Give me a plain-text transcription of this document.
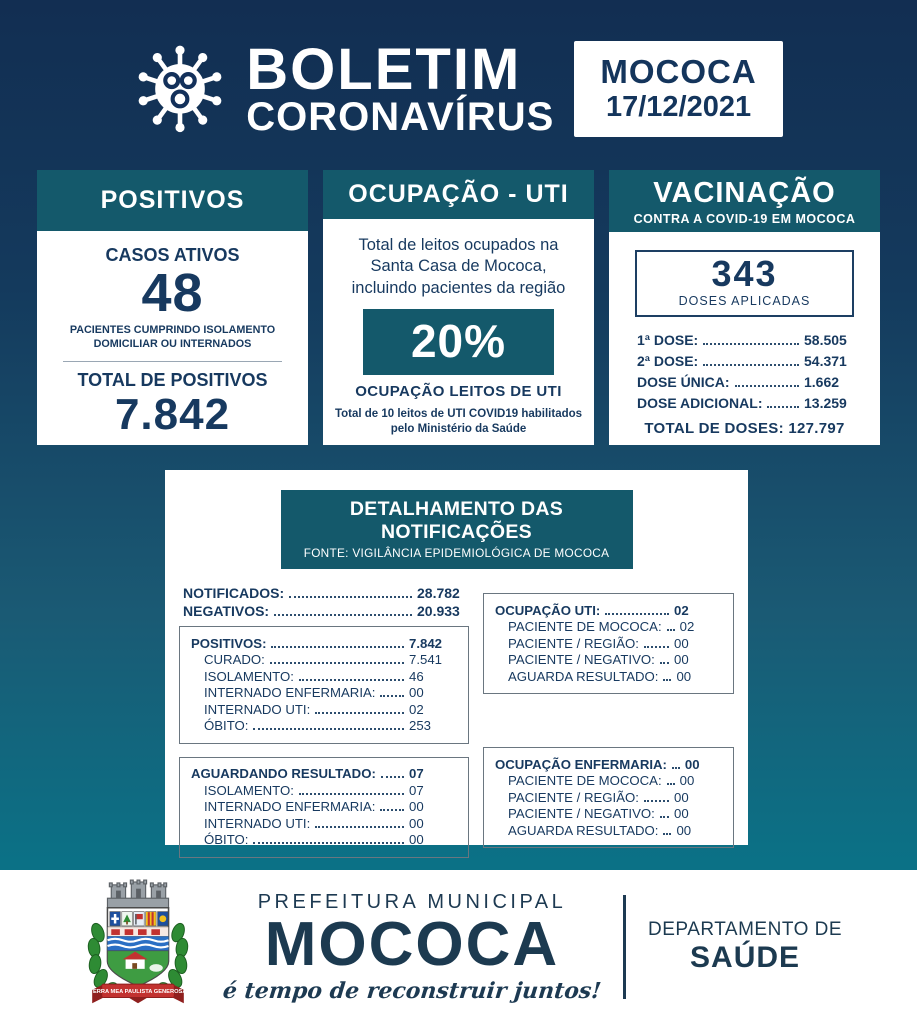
BOLETIM
CORONAVÍRUS
MOCOCA
17/12/2021
POSITIVOS
CASOS ATIVOS
48
PACIENTES CUMPRINDO ISOLAMENTO DOMICILIAR OU INTERNADOS
TOTAL DE POSITIVOS
7.842
OCUPAÇÃO - UTI
Total de leitos ocupados na Santa Casa de Mococa, incluindo pacientes da região
20%
OCUPAÇÃO LEITOS DE UTI
Total de 10 leitos de UTI COVID19 habilitados pelo Ministério da Saúde
VACINAÇÃO
CONTRA A COVID-19 EM MOCOCA
343
DOSES APLICADAS
1ª DOSE:	58.505
2ª DOSE:	54.371
DOSE ÚNICA:	1.662
DOSE ADICIONAL:	13.259
TOTAL DE DOSES: 127.797
DETALHAMENTO DAS NOTIFICAÇÕES
FONTE: VIGILÂNCIA EPIDEMIOLÓGICA DE MOCOCA
NOTIFICADOS:	28.782
NEGATIVOS:	20.933
POSITIVOS:	7.842
CURADO:	7.541
ISOLAMENTO:	46
INTERNADO ENFERMARIA:	00
INTERNADO UTI:	02
ÓBITO:	253
AGUARDANDO RESULTADO:	07
ISOLAMENTO:	07
INTERNADO ENFERMARIA:	00
INTERNADO UTI:	00
ÓBITO:	00
OCUPAÇÃO UTI:	02
PACIENTE DE MOCOCA: 02
PACIENTE / REGIÃO:	00
PACIENTE / NEGATIVO: 00
AGUARDA RESULTADO: 00
OCUPAÇÃO ENFERMARIA: 00
PACIENTE DE MOCOCA: 00
PACIENTE / REGIÃO:	00
PACIENTE / NEGATIVO: 00
AGUARDA RESULTADO: 00
TERRA MEA PAULISTA GENEROSA
PREFEITURA MUNICIPAL
MOCOCA
é tempo de reconstruir juntos!
DEPARTAMENTO DE
SAÚDE
